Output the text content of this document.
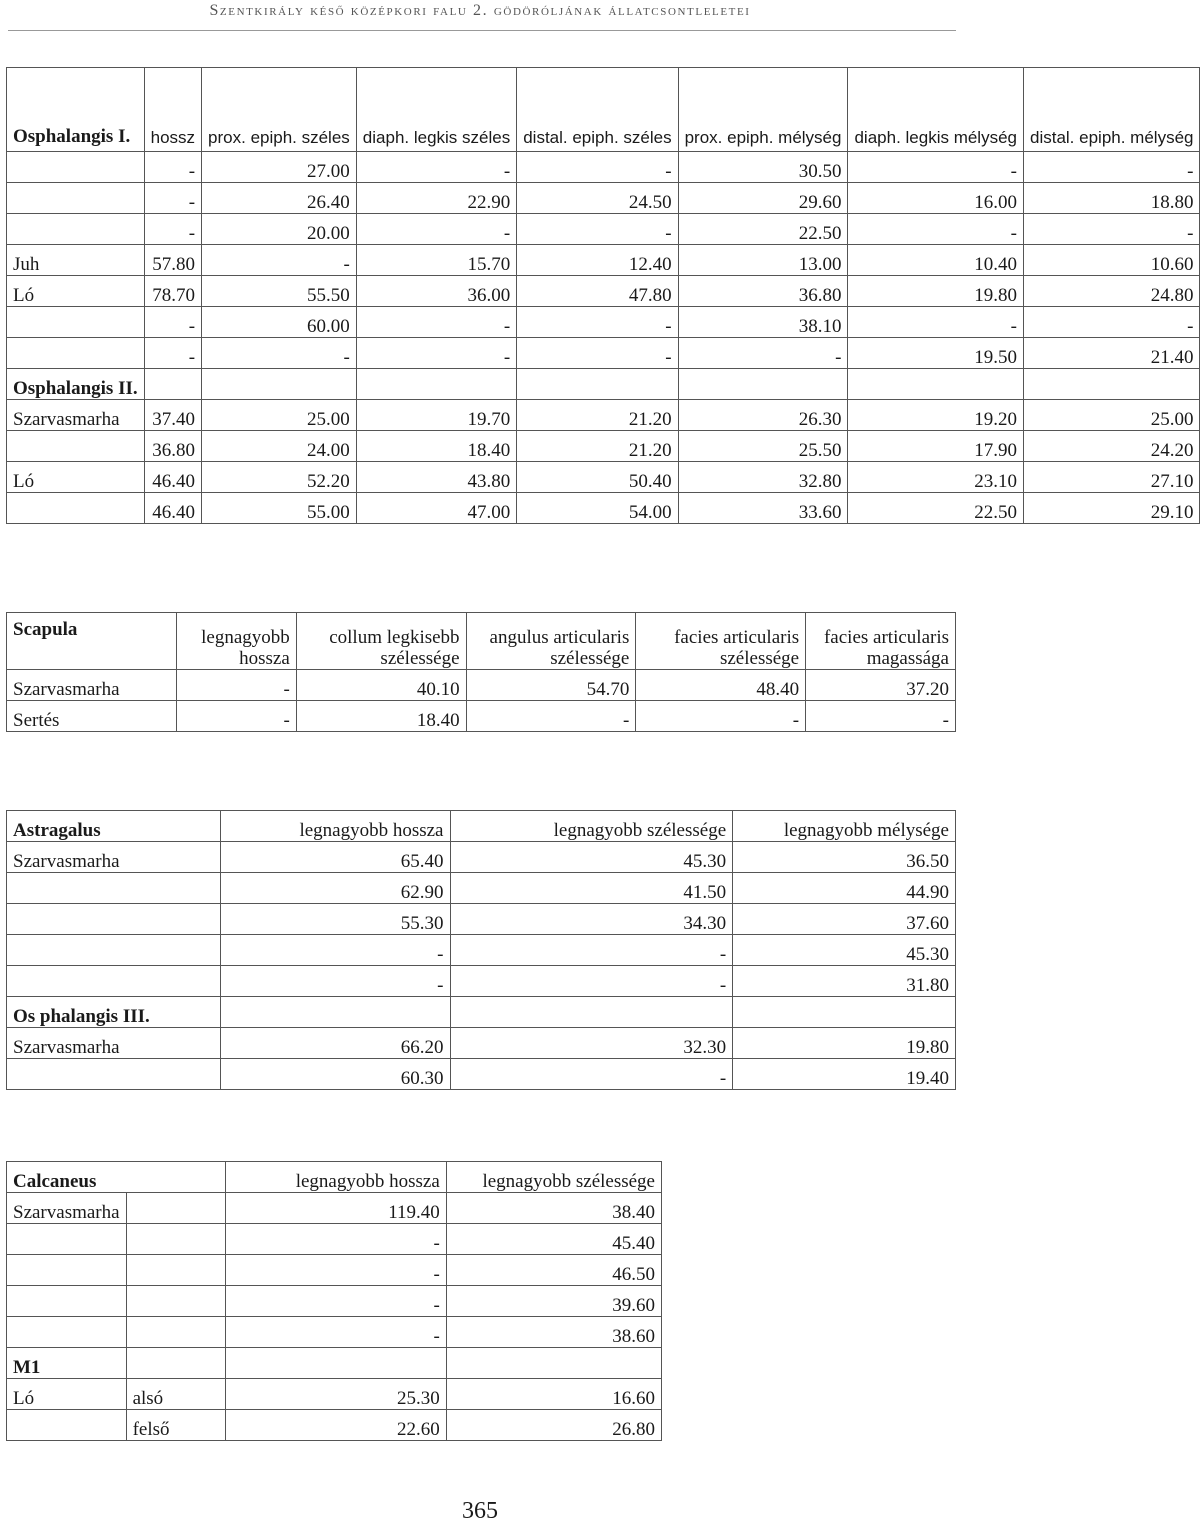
Szentkirály késő középkori falu 2. gödöróljának állatcsontleletei
Osphalangis I.	hossz	prox. epiph. széles	diaph. legkis széles	distal. epiph. széles	prox. epiph. mélység	diaph. legkis mélység	distal. epiph. mélység
	-	27.00	-	-	30.50	-	-
	-	26.40	22.90	24.50	29.60	16.00	18.80
	-	20.00	-	-	22.50	-	-
Juh	57.80	-	15.70	12.40	13.00	10.40	10.60
Ló	78.70	55.50	36.00	47.80	36.80	19.80	24.80
	-	60.00	-	-	38.10	-	-
	-	-	-	-	-	19.50	21.40
Osphalangis II.							
Szarvasmarha	37.40	25.00	19.70	21.20	26.30	19.20	25.00
	36.80	24.00	18.40	21.20	25.50	17.90	24.20
Ló	46.40	52.20	43.80	50.40	32.80	23.10	27.10
	46.40	55.00	47.00	54.00	33.60	22.50	29.10
Scapula	legnagyobb hossza	collum legkisebb szélessége	angulus articularis szélessége	facies articularis szélessége	facies articularis magassága
Szarvasmarha	-	40.10	54.70	48.40	37.20
Sertés	-	18.40	-	-	-
Astragalus	legnagyobb hossza	legnagyobb szélessége	legnagyobb mélysége
Szarvasmarha	65.40	45.30	36.50
	62.90	41.50	44.90
	55.30	34.30	37.60
	-	-	45.30
	-	-	31.80
Os phalangis III.			
Szarvasmarha	66.20	32.30	19.80
	60.30	-	19.40
Calcaneus		legnagyobb hossza	legnagyobb szélessége
Szarvasmarha		119.40	38.40
		-	45.40
		-	46.50
		-	39.60
		-	38.60
M1			
Ló	alsó	25.30	16.60
	felső	22.60	26.80
365
